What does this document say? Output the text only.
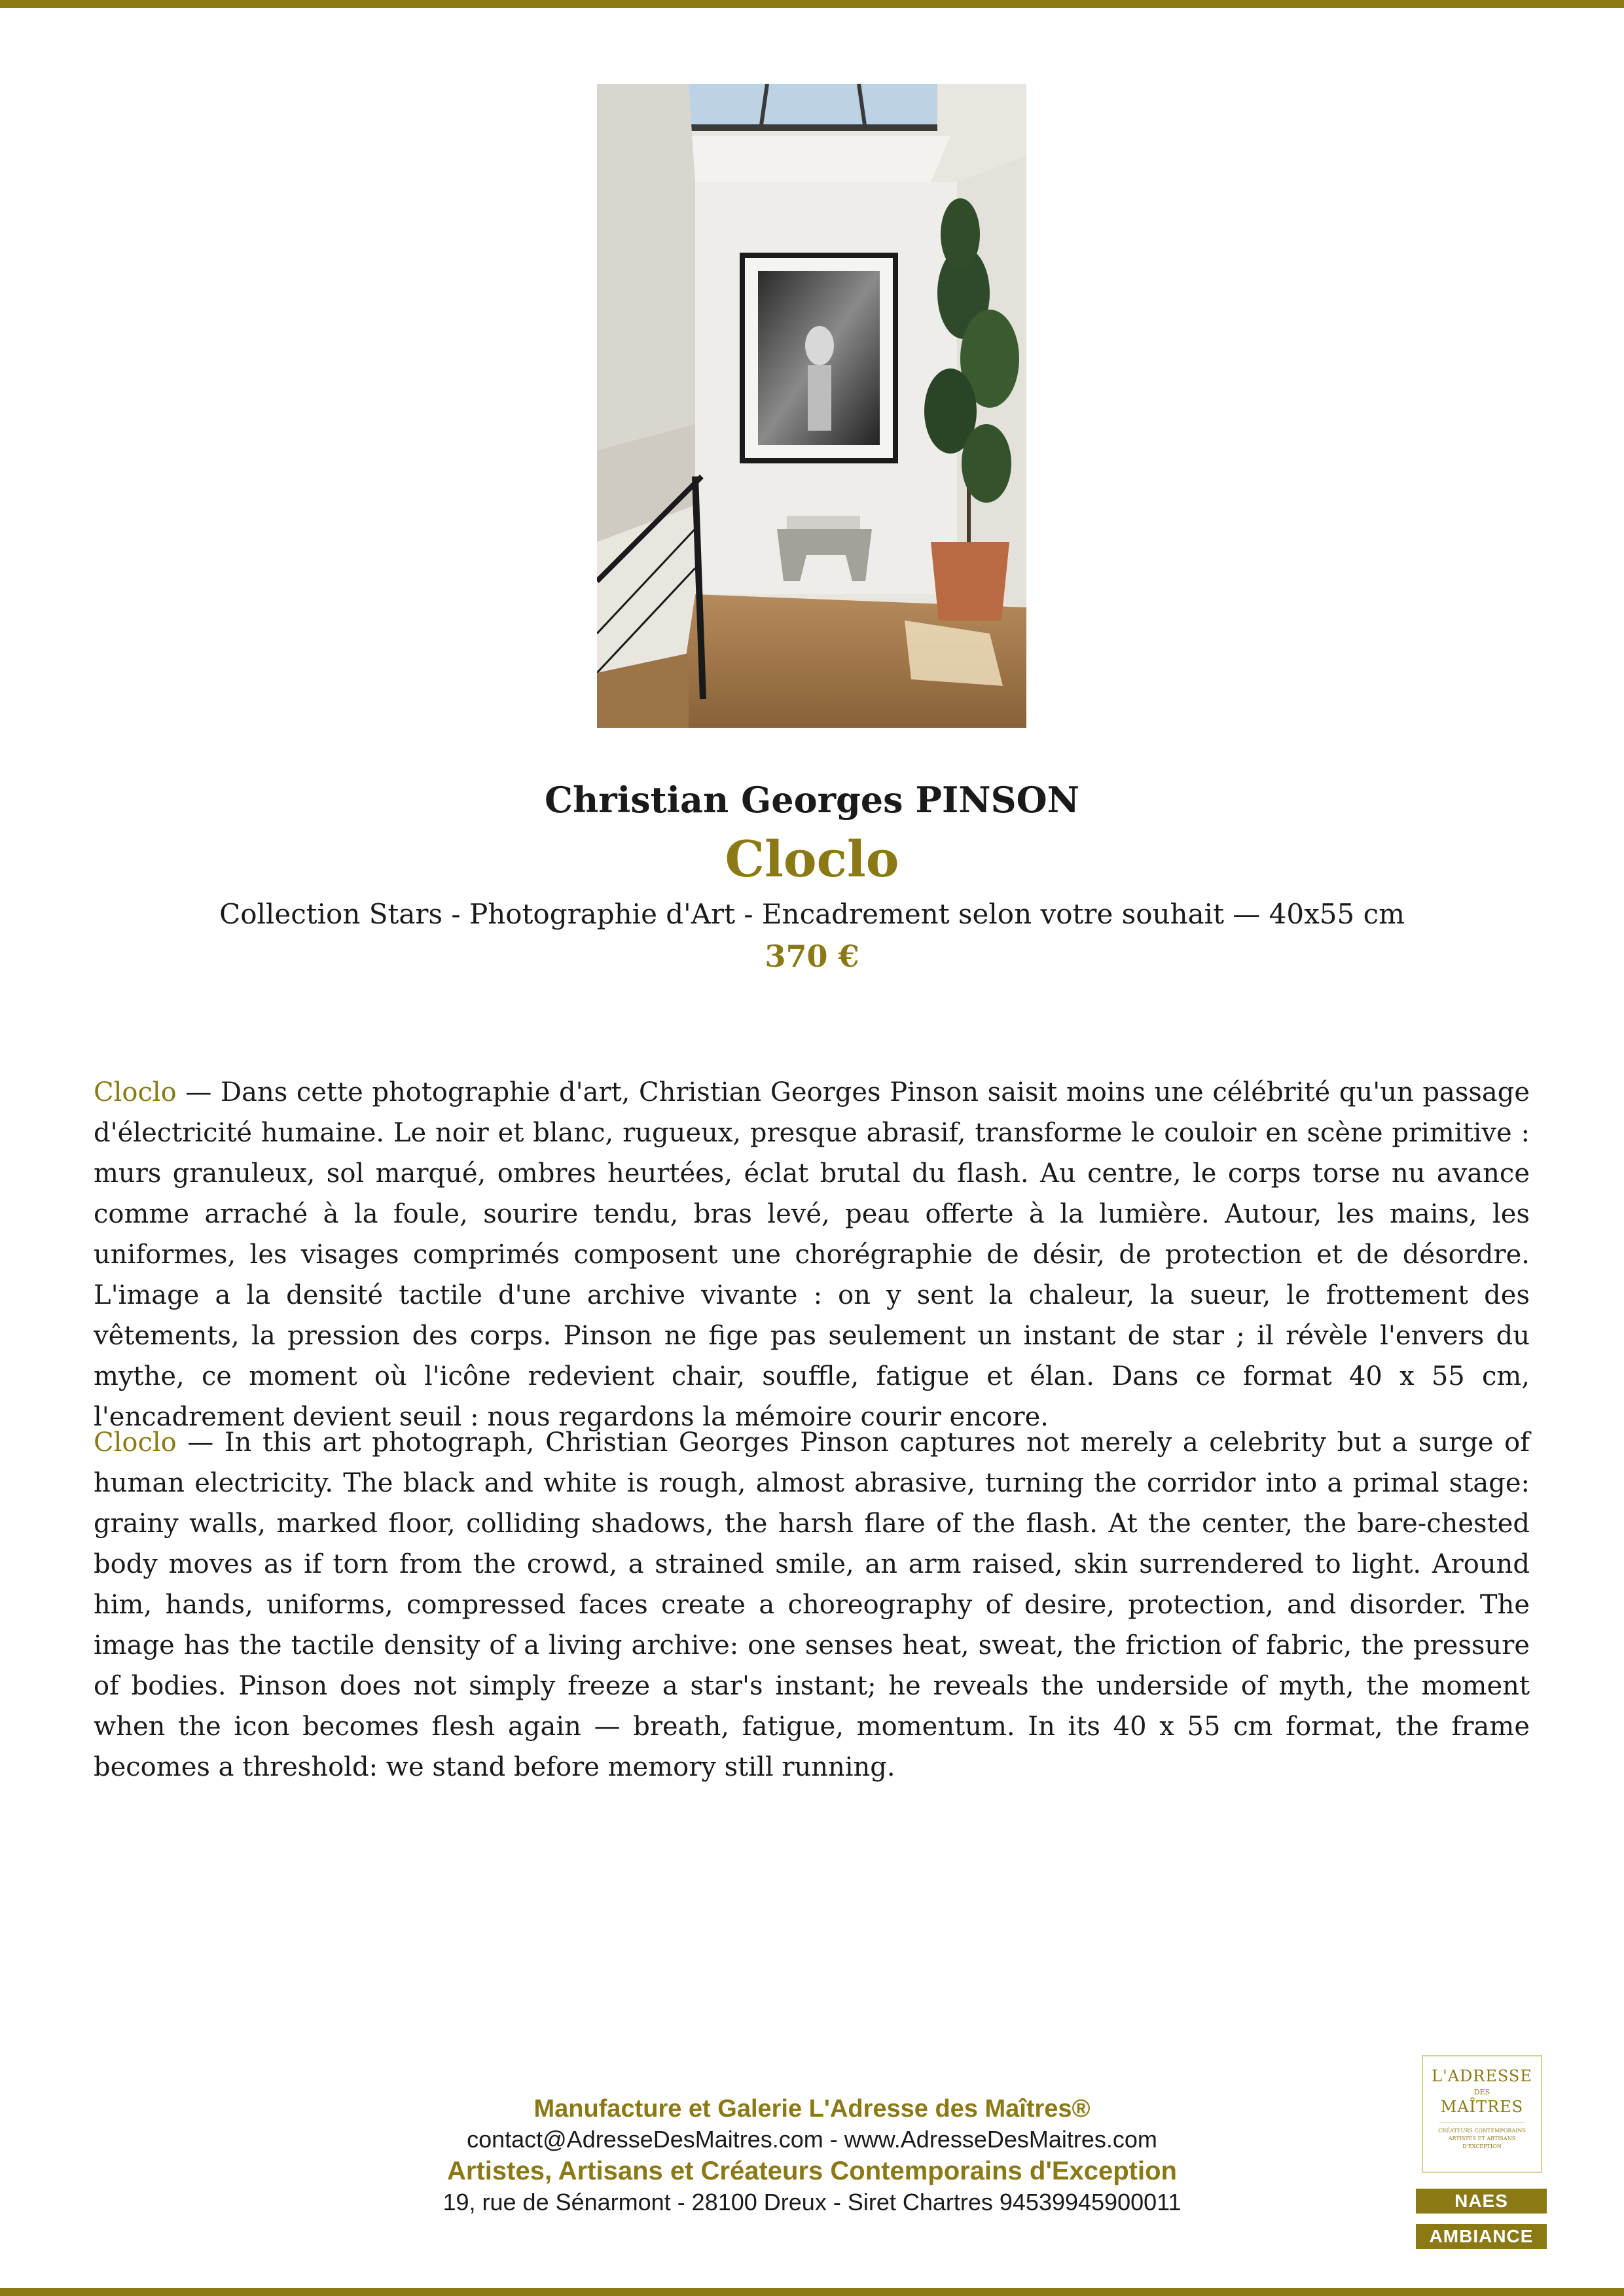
Christian Georges PINSON
Cloclo
Collection Stars - Photographie d'Art - Encadrement selon votre souhait — 40x55 cm
370 €
Cloclo — Dans cette photographie d'art, Christian Georges Pinson saisit moins une célébrité qu'un passage d'électricité humaine. Le noir et blanc, rugueux, presque abrasif, transforme le couloir en scène primitive : murs granuleux, sol marqué, ombres heurtées, éclat brutal du flash. Au centre, le corps torse nu avance comme arraché à la foule, sourire tendu, bras levé, peau offerte à la lumière. Autour, les mains, les uniformes, les visages comprimés composent une chorégraphie de désir, de protection et de désordre. L'image a la densité tactile d'une archive vivante : on y sent la chaleur, la sueur, le frottement des vêtements, la pression des corps. Pinson ne fige pas seulement un instant de star ; il révèle l'envers du mythe, ce moment où l'icône redevient chair, souffle, fatigue et élan. Dans ce format 40 x 55 cm, l'encadrement devient seuil : nous regardons la mémoire courir encore.
Cloclo — In this art photograph, Christian Georges Pinson captures not merely a celebrity but a surge of human electricity. The black and white is rough, almost abrasive, turning the corridor into a primal stage: grainy walls, marked floor, colliding shadows, the harsh flare of the flash. At the center, the bare-chested body moves as if torn from the crowd, a strained smile, an arm raised, skin surrendered to light. Around him, hands, uniforms, compressed faces create a choreography of desire, protection, and disorder. The image has the tactile density of a living archive: one senses heat, sweat, the friction of fabric, the pressure of bodies. Pinson does not simply freeze a star's instant; he reveals the underside of myth, the moment when the icon becomes flesh again — breath, fatigue, momentum. In its 40 x 55 cm format, the frame becomes a threshold: we stand before memory still running.
Manufacture et Galerie L'Adresse des Maîtres®
contact@AdresseDesMaitres.com - www.AdresseDesMaitres.com
Artistes, Artisans et Créateurs Contemporains d'Exception
19, rue de Sénarmont - 28100 Dreux - Siret Chartres 94539945900011
L'ADRESSE
DES
MAÎTRES
CRÉATEURS CONTEMPORAINS
ARTISTES ET ARTISANS
D'EXCEPTION
NAES
AMBIANCE
